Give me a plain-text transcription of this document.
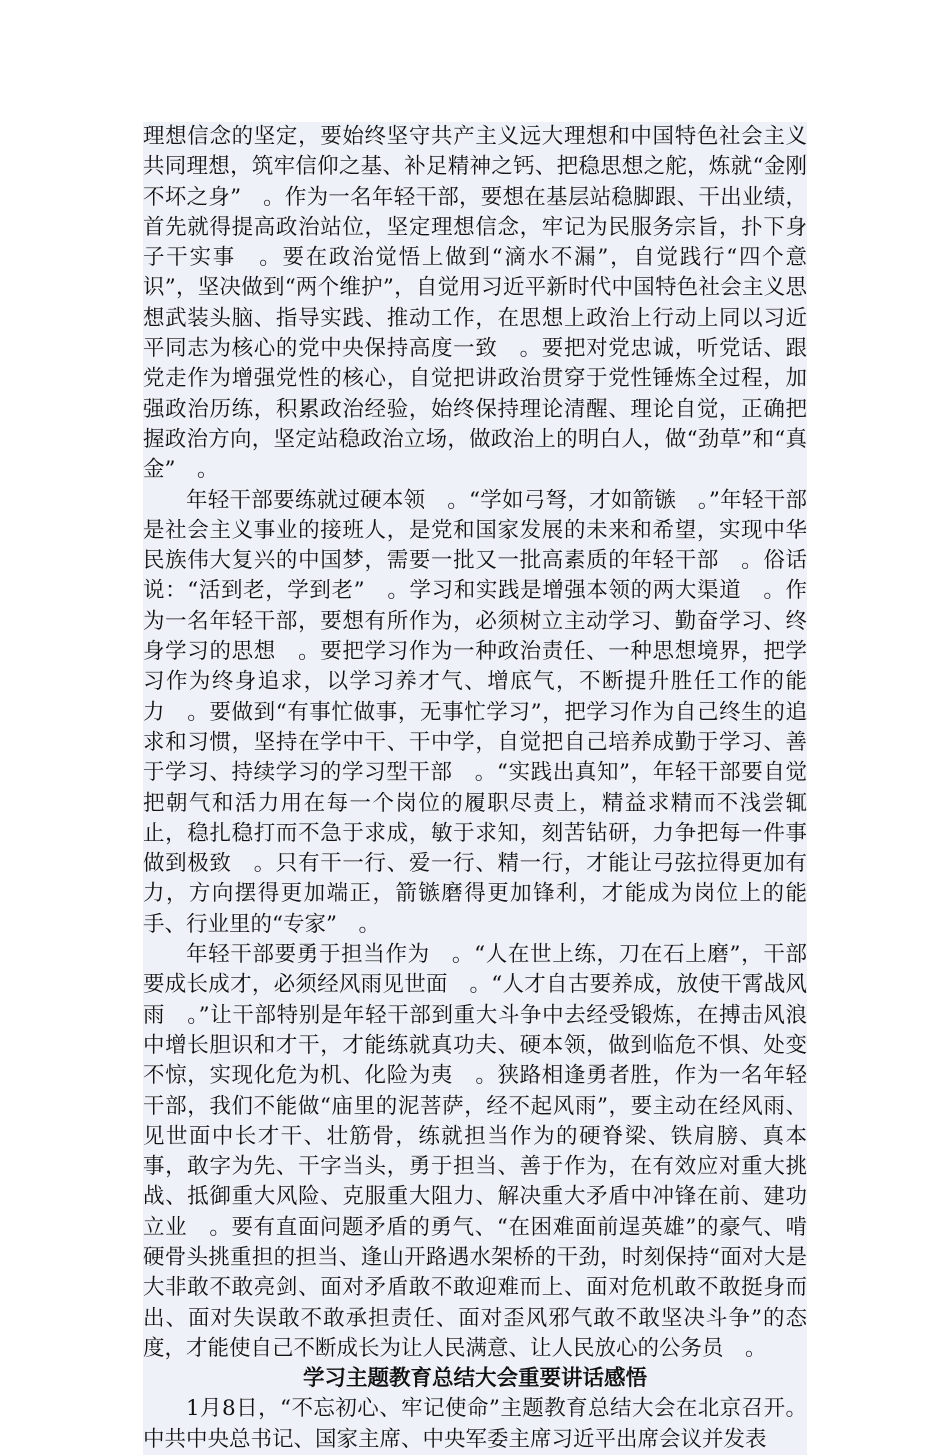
理想信念的坚定，要始终坚守共产主义远大理想和中国特色社会主义共同理想，筑牢信仰之基、补足精神之钙、把稳思想之舵，炼就“金刚不坏之身”　。作为一名年轻干部，要想在基层站稳脚跟、干出业绩，首先就得提高政治站位，坚定理想信念，牢记为民服务宗旨，扑下身子干实事　。要在政治觉悟上做到“滴水不漏”，自觉践行“四个意识”，坚决做到“两个维护”，自觉用习近平新时代中国特色社会主义思想武装头脑、指导实践、推动工作，在思想上政治上行动上同以习近平同志为核心的党中央保持高度一致　。要把对党忠诚，听党话、跟党走作为增强党性的核心，自觉把讲政治贯穿于党性锤炼全过程，加强政治历练，积累政治经验，始终保持理论清醒、理论自觉，正确把握政治方向，坚定站稳政治立场，做政治上的明白人，做“劲草”和“真金”　。

年轻干部要练就过硬本领　。“学如弓弩，才如箭镞　。”年轻干部是社会主义事业的接班人，是党和国家发展的未来和希望，实现中华民族伟大复兴的中国梦，需要一批又一批高素质的年轻干部　。俗话说：“活到老，学到老”　。学习和实践是增强本领的两大渠道　。作为一名年轻干部，要想有所作为，必须树立主动学习、勤奋学习、终身学习的思想　。要把学习作为一种政治责任、一种思想境界，把学习作为终身追求，以学习养才气、增底气，不断提升胜任工作的能力　。要做到“有事忙做事，无事忙学习”，把学习作为自己终生的追求和习惯，坚持在学中干、干中学，自觉把自己培养成勤于学习、善于学习、持续学习的学习型干部　。“实践出真知”，年轻干部要自觉把朝气和活力用在每一个岗位的履职尽责上，精益求精而不浅尝辄止，稳扎稳打而不急于求成，敏于求知，刻苦钻研，力争把每一件事做到极致　。只有干一行、爱一行、精一行，才能让弓弦拉得更加有力，方向摆得更加端正，箭镞磨得更加锋利，才能成为岗位上的能手、行业里的“专家”　。

年轻干部要勇于担当作为　。“人在世上练，刀在石上磨”，干部要成长成才，必须经风雨见世面　。“人才自古要养成，放使干霄战风雨　。”让干部特别是年轻干部到重大斗争中去经受锻炼，在搏击风浪中增长胆识和才干，才能练就真功夫、硬本领，做到临危不惧、处变不惊，实现化危为机、化险为夷　。狭路相逢勇者胜，作为一名年轻干部，我们不能做“庙里的泥菩萨，经不起风雨”，要主动在经风雨、见世面中长才干、壮筋骨，练就担当作为的硬脊梁、铁肩膀、真本事，敢字为先、干字当头，勇于担当、善于作为，在有效应对重大挑战、抵御重大风险、克服重大阻力、解决重大矛盾中冲锋在前、建功立业　。要有直面问题矛盾的勇气、“在困难面前逞英雄”的豪气、啃硬骨头挑重担的担当、逢山开路遇水架桥的干劲，时刻保持“面对大是大非敢不敢亮剑、面对矛盾敢不敢迎难而上、面对危机敢不敢挺身而出、面对失误敢不敢承担责任、面对歪风邪气敢不敢坚决斗争”的态度，才能使自己不断成长为让人民满意、让人民放心的公务员　。

学习主题教育总结大会重要讲话感悟

1月8日，“不忘初心、牢记使命”主题教育总结大会在北京召开。中共中央总书记、国家主席、中央军委主席习近平出席会议并发表
